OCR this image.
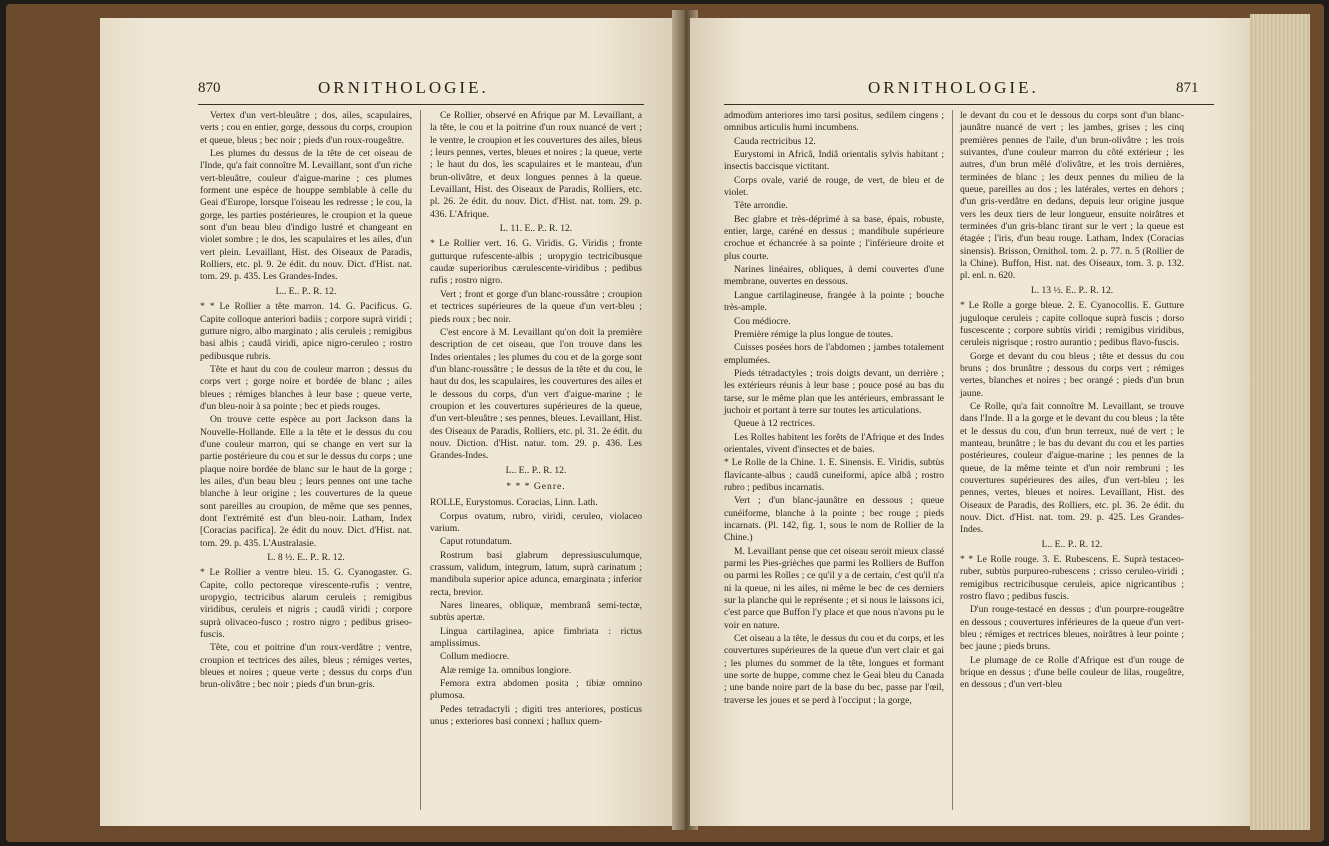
870	ORNITHOLOGIE.

Vertex d'un vert-bleuâtre ; dos, ailes, scapulaires, verts ; cou en entier, gorge, dessous du corps, croupion et queue, bleus ; bec noir ; pieds d'un roux-rougeâtre.

Les plumes du dessus de la tête de cet oiseau de l'Inde, qu'a fait connoître M. Levaillant, sont d'un riche vert-bleuâtre, couleur d'aigue-marine ; ces plumes forment une espèce de houppe semblable à celle du Geai d'Europe, lorsque l'oiseau les redresse ; le cou, la gorge, les parties postérieures, le croupion et la queue sont d'un beau bleu d'indigo lustré et changeant en violet sombre ; le dos, les scapulaires et les ailes, d'un vert plein. Levaillant, Hist. des Oiseaux de Paradis, Rolliers, etc. pl. 9. 2e édit. du nouv. Dict. d'Hist. nat. tom. 29. p. 435. Les Grandes-Indes.

L.. E.. P.. R. 12.

* * Le Rollier a tête marron. 14. G. Pacificus. G. Capite colloque anteriori badiis ; corpore suprà viridi ; gutture nigro, albo marginato ; alis ceruleis ; remigibus basi albis ; caudâ viridi, apice nigro-ceruleo ; rostro pedibusque rubris.

Tête et haut du cou de couleur marron ; dessus du corps vert ; gorge noire et bordée de blanc ; ailes bleues ; rémiges blanches à leur base ; queue verte, d'un bleu-noir à sa pointe ; bec et pieds rouges.

On trouve cette espèce au port Jackson dans la Nouvelle-Hollande. Elle a la tête et le dessus du cou d'une couleur marron, qui se change en vert sur la partie postérieure du cou et sur le dessus du corps ; une plaque noire bordée de blanc sur le haut de la gorge ; les ailes, d'un beau bleu ; leurs pennes ont une tache blanche à leur origine ; les couvertures de la queue sont pareilles au croupion, de même que ses pennes, dont l'extrémité est d'un bleu-noir. Latham, Index [Coracias pacifica]. 2e édit du nouv. Dict. d'Hist. nat. tom. 29. p. 435. L'Australasie.

L. 8 ½. E.. P.. R. 12.

* Le Rollier a ventre bleu. 15. G. Cyanogaster. G. Capite, collo pectoreque virescente-rufis ; ventre, uropygio, tectricibus alarum ceruleis ; remigibus viridibus, ceruleis et nigris ; caudâ viridi ; corpore suprà olivaceo-fusco ; rostro nigro ; pedibus griseo-fuscis.

Tête, cou et poitrine d'un roux-verdâtre ; ventre, croupion et tectrices des ailes, bleus ; rémiges vertes, bleues et noires ; queue verte ; dessus du corps d'un brun-olivâtre ; bec noir ; pieds d'un brun-gris.

Ce Rollier, observé en Afrique par M. Levaillant, a la tête, le cou et la poitrine d'un roux nuancé de vert ; le ventre, le croupion et les couvertures des ailes, bleus ; leurs pennes, vertes, bleues et noires ; la queue, verte ; le haut du dos, les scapulaires et le manteau, d'un brun-olivâtre, et deux longues pennes à la queue. Levaillant, Hist. des Oiseaux de Paradis, Rolliers, etc. pl. 26. 2e édit. du nouv. Dict. d'Hist. nat. tom. 29. p. 436. L'Afrique.

L. 11. E.. P.. R. 12.

* Le Rollier vert. 16. G. Viridis. G. Viridis ; fronte gutturque rufescente-albis ; uropygio tectricibusque caudæ superioribus cærulescente-viridibus ; pedibus rufis ; rostro nigro.

Vert ; front et gorge d'un blanc-roussâtre ; croupion et tectrices supérieures de la queue d'un vert-bleu ; pieds roux ; bec noir.

C'est encore à M. Levaillant qu'on doit la première description de cet oiseau, que l'on trouve dans les Indes orientales ; les plumes du cou et de la gorge sont d'un blanc-roussâtre ; le dessus de la tête et du cou, le haut du dos, les scapulaires, les couvertures des ailes et le dessous du corps, d'un vert d'aigue-marine ; le croupion et les couvertures supérieures de la queue, d'un vert-bleuâtre ; ses pennes, bleues. Levaillant, Hist. des Oiseaux de Paradis, Rolliers, etc. pl. 31. 2e édit. du nouv. Diction. d'Hist. natur. tom. 29. p. 436. Les Grandes-Indes.

L.. E.. P.. R. 12.

* * * Genre.

ROLLE, Eurystomus. Coracias, Linn. Lath.

Corpus ovatum, rubro, viridi, ceruleo, violaceo varium.

Caput rotundatum.

Rostrum basi glabrum depressiusculumque, crassum, validum, integrum, latum, suprà carinatum ; mandibula superior apice adunca, emarginata ; inferior recta, brevior.

Nares lineares, obliquæ, membranâ semi-tectæ, subtùs apertæ.

Lingua cartilaginea, apice fimbriata : rictus amplissimus.

Collum mediocre.

Alæ remige 1a. omnibus longiore.

Femora extra abdomen posita ; tibiæ omnino plumosa.

Pedes tetradactyli ; digiti tres anteriores, posticus unus ; exteriores basi connexi ; hallux quem-

ORNITHOLOGIE.	871

admodùm anteriores imo tarsi positus, sedilem cingens ; omnibus articulis humi incumbens.

Cauda rectricibus 12.

Eurystomi in Africâ, Indiâ orientalis sylvis habitant ; insectis baccisque victitant.

Corps ovale, varié de rouge, de vert, de bleu et de violet.

Tête arrondie.

Bec glabre et très-déprimé à sa base, épais, robuste, entier, large, caréné en dessus ; mandibule supérieure crochue et échancrée à sa pointe ; l'inférieure droite et plus courte.

Narines linéaires, obliques, à demi couvertes d'une membrane, ouvertes en dessous.

Langue cartilagineuse, frangée à la pointe ; bouche très-ample.

Cou médiocre.

Première rémige la plus longue de toutes.

Cuisses posées hors de l'abdomen ; jambes totalement emplumées.

Pieds tétradactyles ; trois doigts devant, un derrière ; les extérieurs réunis à leur base ; pouce posé au bas du tarse, sur le même plan que les antérieurs, embrassant le juchoir et portant à terre sur toutes les articulations.

Queue à 12 rectrices.

Les Rolles habitent les forêts de l'Afrique et des Indes orientales, vivent d'insectes et de baies.

* Le Rolle de la Chine. 1. E. Sinensis. E. Viridis, subtùs flavicante-albus ; caudâ cuneiformi, apice albâ ; rostro rubro ; pedibus incarnatis.

Vert ; d'un blanc-jaunâtre en dessous ; queue cunéiforme, blanche à la pointe ; bec rouge ; pieds incarnats. (Pl. 142, fig. 1, sous le nom de Rollier de la Chine.)

M. Levaillant pense que cet oiseau seroit mieux classé parmi les Pies-grièches que parmi les Rolliers de Buffon ou parmi les Rolles ; ce qu'il y a de certain, c'est qu'il n'a ni la queue, ni les ailes, ni même le bec de ces derniers sur la planche qui le représente ; et si nous le laissons ici, c'est parce que Buffon l'y place et que nous n'avons pu le voir en nature.

Cet oiseau a la tête, le dessus du cou et du corps, et les couvertures supérieures de la queue d'un vert clair et gai ; les plumes du sommet de la tête, longues et formant une sorte de huppe, comme chez le Geai bleu du Canada ; une bande noire part de la base du bec, passe par l'œil, traverse les joues et se perd à l'occiput ; la gorge,

le devant du cou et le dessous du corps sont d'un blanc-jaunâtre nuancé de vert ; les jambes, grises ; les cinq premières pennes de l'aile, d'un brun-olivâtre ; les trois suivantes, d'une couleur marron du côté extérieur ; les autres, d'un brun mêlé d'olivâtre, et les trois dernières, terminées de blanc ; les deux pennes du milieu de la queue, pareilles au dos ; les latérales, vertes en dehors ; d'un gris-verdâtre en dedans, depuis leur origine jusque vers les deux tiers de leur longueur, ensuite noirâtres et terminées d'un gris-blanc tirant sur le vert ; la queue est étagée ; l'iris, d'un beau rouge. Latham, Index (Coracias sinensis). Brisson, Ornithol. tom. 2. p. 77. n. 5 (Rollier de la Chine). Buffon, Hist. nat. des Oiseaux, tom. 3. p. 132. pl. enl. n. 620.

L. 13 ½. E.. P.. R. 12.

* Le Rolle a gorge bleue. 2. E. Cyanocollis. E. Gutture juguloque ceruleis ; capite colloque suprà fuscis ; dorso fuscescente ; corpore subtùs viridi ; remigibus viridibus, ceruleis nigrisque ; rostro aurantio ; pedibus flavo-fuscis.

Gorge et devant du cou bleus ; tête et dessus du cou bruns ; dos brunâtre ; dessous du corps vert ; rémiges vertes, blanches et noires ; bec orangé ; pieds d'un brun jaune.

Ce Rolle, qu'a fait connoître M. Levaillant, se trouve dans l'Inde. Il a la gorge et le devant du cou bleus ; la tête et le dessus du cou, d'un brun terreux, nué de vert ; le manteau, brunâtre ; le bas du devant du cou et les parties postérieures, couleur d'aigue-marine ; les pennes de la queue, de la même teinte et d'un noir rembruni ; les couvertures supérieures des ailes, d'un vert-bleu ; les pennes, vertes, bleues et noires. Levaillant, Hist. des Oiseaux de Paradis, des Rolliers, etc. pl. 36. 2e édit. du nouv. Dict. d'Hist. nat. tom. 29. p. 425. Les Grandes-Indes.

L.. E.. P.. R. 12.

* * Le Rolle rouge. 3. E. Rubescens. E. Suprà testaceo-ruber, subtùs purpureo-rubescens ; crisso ceruleo-viridi ; remigibus rectricibusque ceruleis, apice nigricantibus ; rostro flavo ; pedibus fuscis.

D'un rouge-testacé en dessus ; d'un pourpre-rougeâtre en dessous ; couvertures inférieures de la queue d'un vert-bleu ; rémiges et rectrices bleues, noirâtres à leur pointe ; bec jaune ; pieds bruns.

Le plumage de ce Rolle d'Afrique est d'un rouge de brique en dessus ; d'une belle couleur de lilas, rougeâtre, en dessous ; d'un vert-bleu
